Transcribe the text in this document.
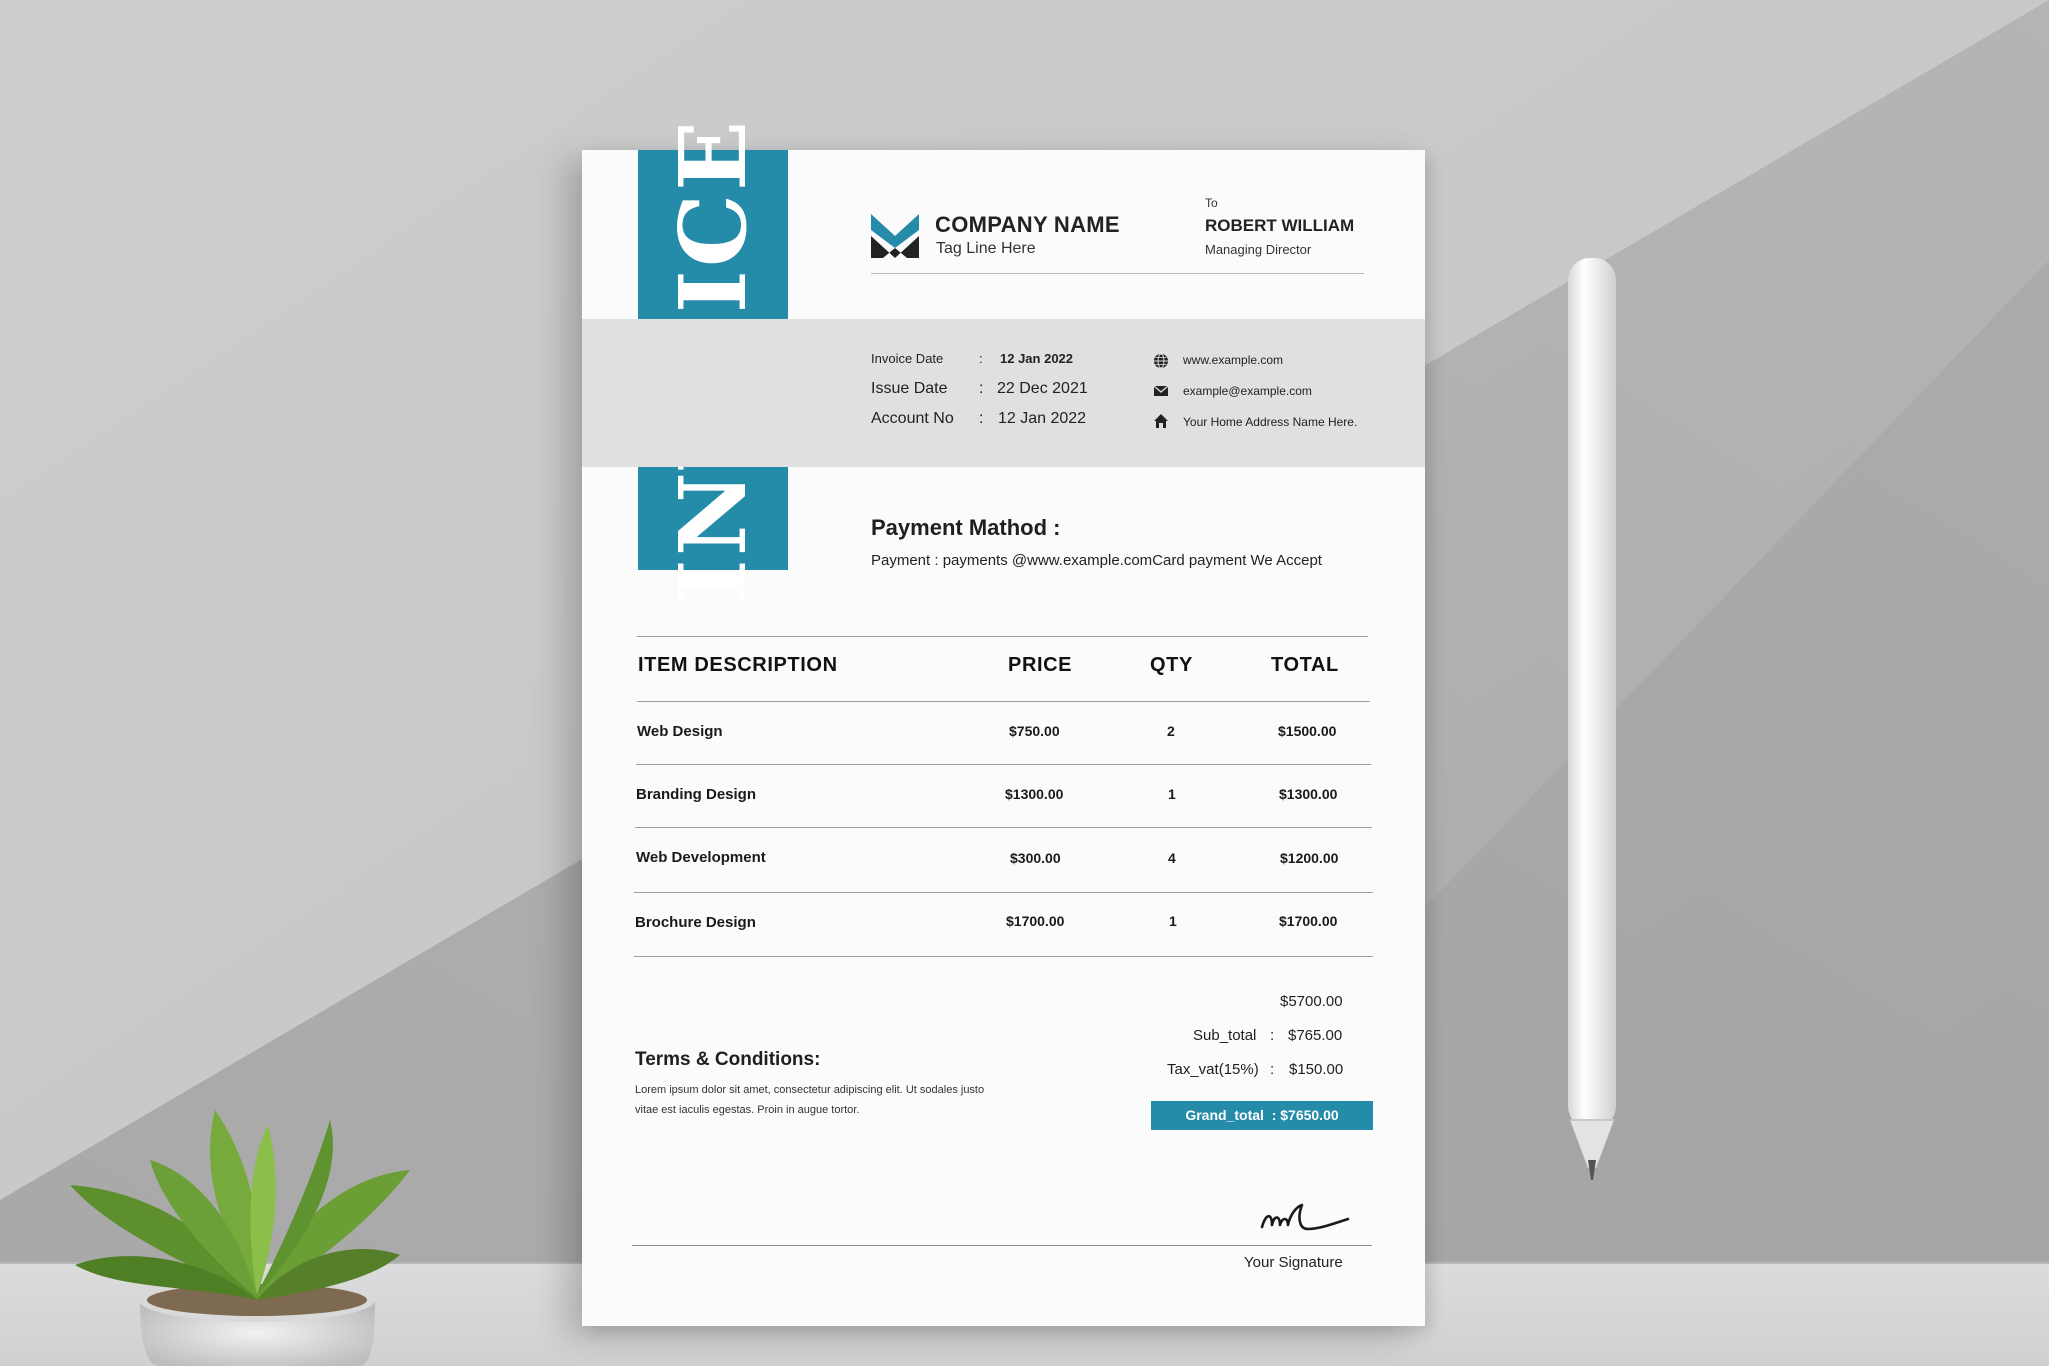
COMPANY NAME
Tag Line Here
To
ROBERT WILLIAM
Managing Director
Invoice Date	: 12 Jan 2022
Issue Date : 22 Dec 2021
Account No : 12 Jan 2022
www.example.com
example@example.com
Your Home Address Name Here.
Payment Mathod :
Payment : payments @www.example.comCard payment We Accept
ITEM DESCRIPTION	PRICE	QTY	TOTAL
Web Design	$750.00	2	$1500.00
Branding Design	$1300.00	1	$1300.00
Web Development	$300.00	4	$1200.00
Brochure Design	$1700.00	1	$1700.00
$5700.00
Sub_total : $765.00
Tax_vat(15%) : $150.00
Grand_total : $7650.00
Terms & Conditions:
Lorem ipsum dolor sit amet, consectetur adipiscing elit. Ut sodales justo vitae est iaculis egestas. Proin in augue tortor.
Your Signature
